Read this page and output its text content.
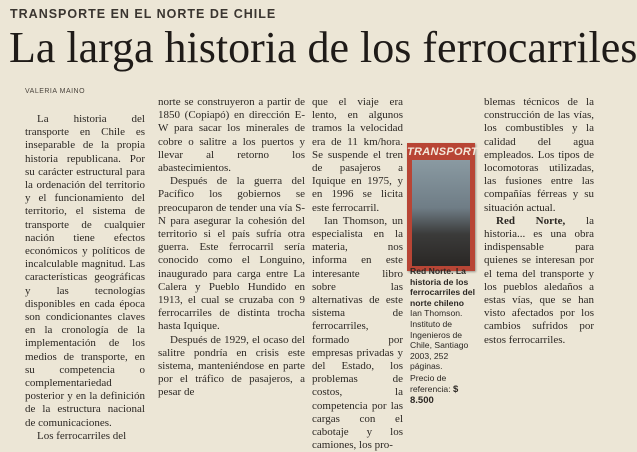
TRANSPORTE EN EL NORTE DE CHILE
La larga historia de los ferrocarriles
VALERIA MAINO

La historia del transporte en Chile es inseparable de la propia historia republicana. Por su carácter estructural para la ordenación del territorio y el funcionamiento del territorio, el sistema de transporte de cualquier nación tiene efectos económicos y políticos de incalculable magnitud. Las características geográficas y las tecnologías disponibles en cada época son condicionantes claves en la cronología de la implementación de los medios de transporte, en su competencia o complementariedad posterior y en la definición de la estructura nacional de comunicaciones.

Los ferrocarriles del

norte se construyeron a partir de 1850 (Copiapó) en dirección E-W para sacar los minerales de cobre o salitre a los puertos y llevar al retorno los abastecimientos.

Después de la guerra del Pacífico los gobiernos se preocuparon de tender una vía S-N para asegurar la cohesión del territorio si el país sufría otra guerra. Este ferrocarril sería conocido como el Longuino, inaugurado para carga entre La Calera y Pueblo Hundido en 1913, el cual se cruzaba con 9 ferrocarriles de distinta trocha hasta Iquique.

Después de 1929, el ocaso del salitre pondría en crisis este sistema, manteniéndose en parte por el tráfico de pasajeros, a pesar de

que el viaje era lento, en algunos tramos la velocidad era de 11 km/hora. Se suspende el tren de pasajeros a Iquique en 1975, y en 1996 se licita este ferrocarril.

Ian Thomson, un especialista en la materia, nos informa en este interesante libro sobre las alternativas de este sistema de ferrocarriles, formado por empresas privadas y del Estado, los problemas de costos, la competencia por las cargas con el cabotaje y los camiones, los pro-

TRANSPORTE
Red Norte. La historia de los ferrocarriles del norte chileno
Ian Thomson. Instituto de Ingenieros de Chile, Santiago 2003, 252 páginas.
Precio de referencia: $ 8.500

blemas técnicos de la construcción de las vías, los combustibles y la calidad del agua empleados. Los tipos de locomotoras utilizadas, las fusiones entre las compañías férreas y su situación actual.

Red Norte, la historia... es una obra indispensable para quienes se interesan por el tema del transporte y los pueblos aledaños a estas vías, que se han visto afectados por los cambios sufridos por estos ferrocarriles.
